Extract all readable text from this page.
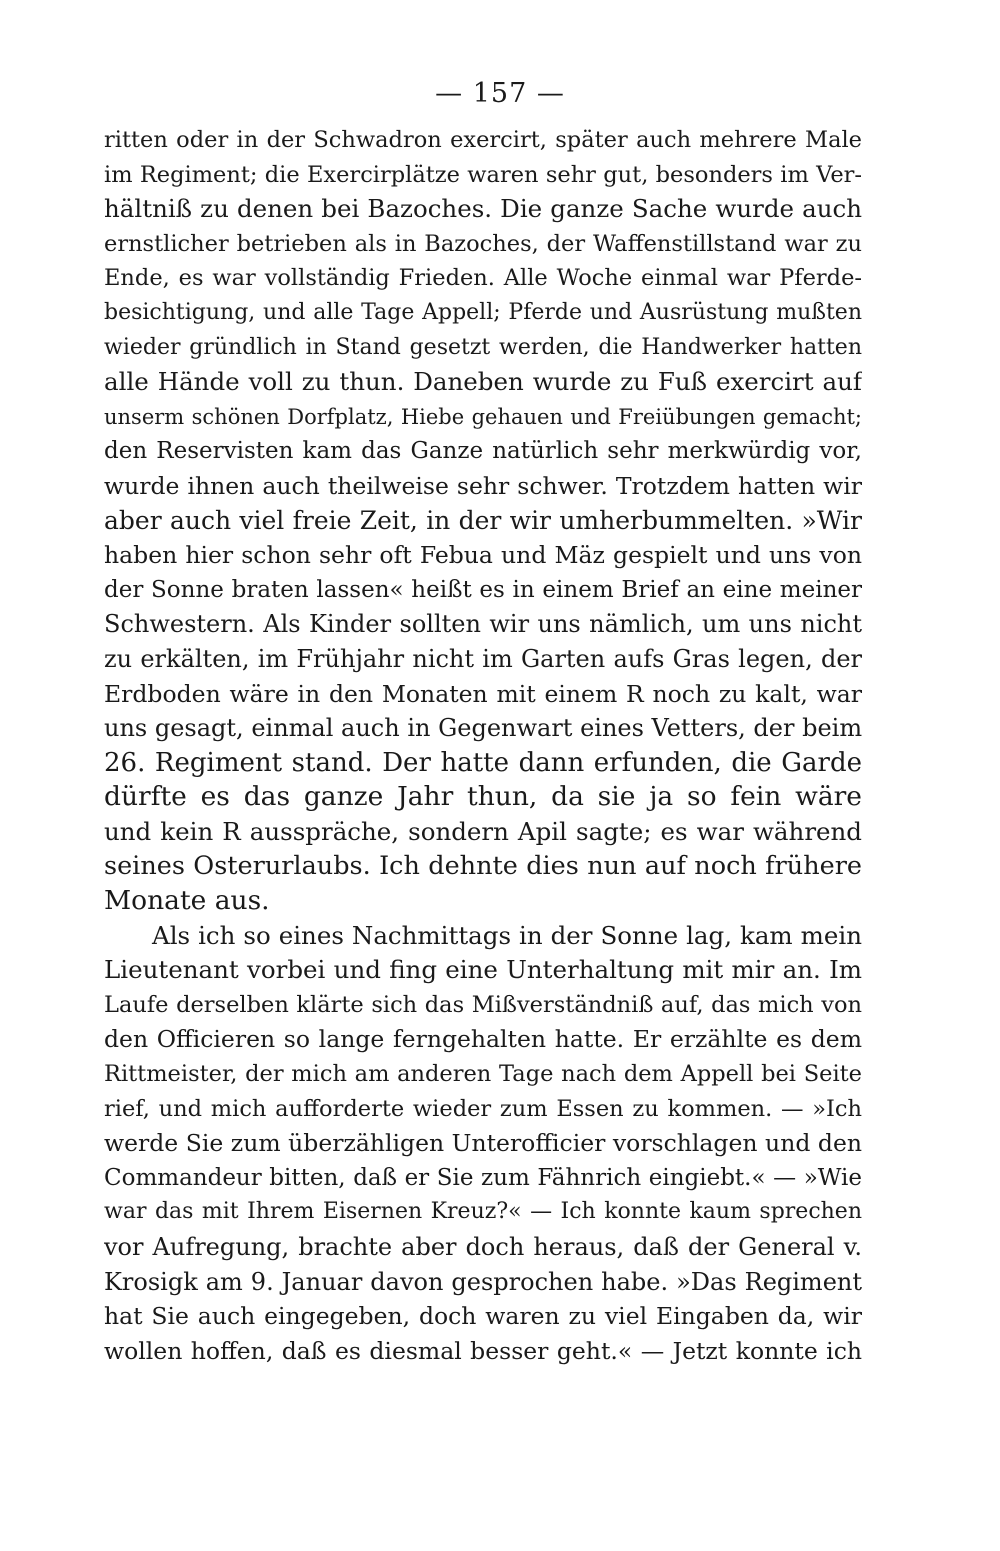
— 157 —
ritten oder in der Schwadron exercirt, später auch mehrere Male
im Regiment; die Exercirplätze waren sehr gut, besonders im Ver-
hältniß zu denen bei Bazoches. Die ganze Sache wurde auch
ernstlicher betrieben als in Bazoches, der Waffenstillstand war zu
Ende, es war vollständig Frieden. Alle Woche einmal war Pferde-
besichtigung, und alle Tage Appell; Pferde und Ausrüstung mußten
wieder gründlich in Stand gesetzt werden, die Handwerker hatten
alle Hände voll zu thun. Daneben wurde zu Fuß exercirt auf
unserm schönen Dorfplatz, Hiebe gehauen und Freiübungen gemacht;
den Reservisten kam das Ganze natürlich sehr merkwürdig vor,
wurde ihnen auch theilweise sehr schwer. Trotzdem hatten wir
aber auch viel freie Zeit, in der wir umherbummelten. »Wir
haben hier schon sehr oft Febua und Mäz gespielt und uns von
der Sonne braten lassen« heißt es in einem Brief an eine meiner
Schwestern. Als Kinder sollten wir uns nämlich, um uns nicht
zu erkälten, im Frühjahr nicht im Garten aufs Gras legen, der
Erdboden wäre in den Monaten mit einem R noch zu kalt, war
uns gesagt, einmal auch in Gegenwart eines Vetters, der beim
26. Regiment stand. Der hatte dann erfunden, die Garde
dürfte es das ganze Jahr thun, da sie ja so fein wäre
und kein R ausspräche, sondern Apil sagte; es war während
seines Osterurlaubs. Ich dehnte dies nun auf noch frühere
Monate aus.
Als ich so eines Nachmittags in der Sonne lag, kam mein
Lieutenant vorbei und fing eine Unterhaltung mit mir an. Im
Laufe derselben klärte sich das Mißverständniß auf, das mich von
den Officieren so lange ferngehalten hatte. Er erzählte es dem
Rittmeister, der mich am anderen Tage nach dem Appell bei Seite
rief, und mich aufforderte wieder zum Essen zu kommen. — »Ich
werde Sie zum überzähligen Unterofficier vorschlagen und den
Commandeur bitten, daß er Sie zum Fähnrich eingiebt.« — »Wie
war das mit Ihrem Eisernen Kreuz?« — Ich konnte kaum sprechen
vor Aufregung, brachte aber doch heraus, daß der General v.
Krosigk am 9. Januar davon gesprochen habe. »Das Regiment
hat Sie auch eingegeben, doch waren zu viel Eingaben da, wir
wollen hoffen, daß es diesmal besser geht.« — Jetzt konnte ich
